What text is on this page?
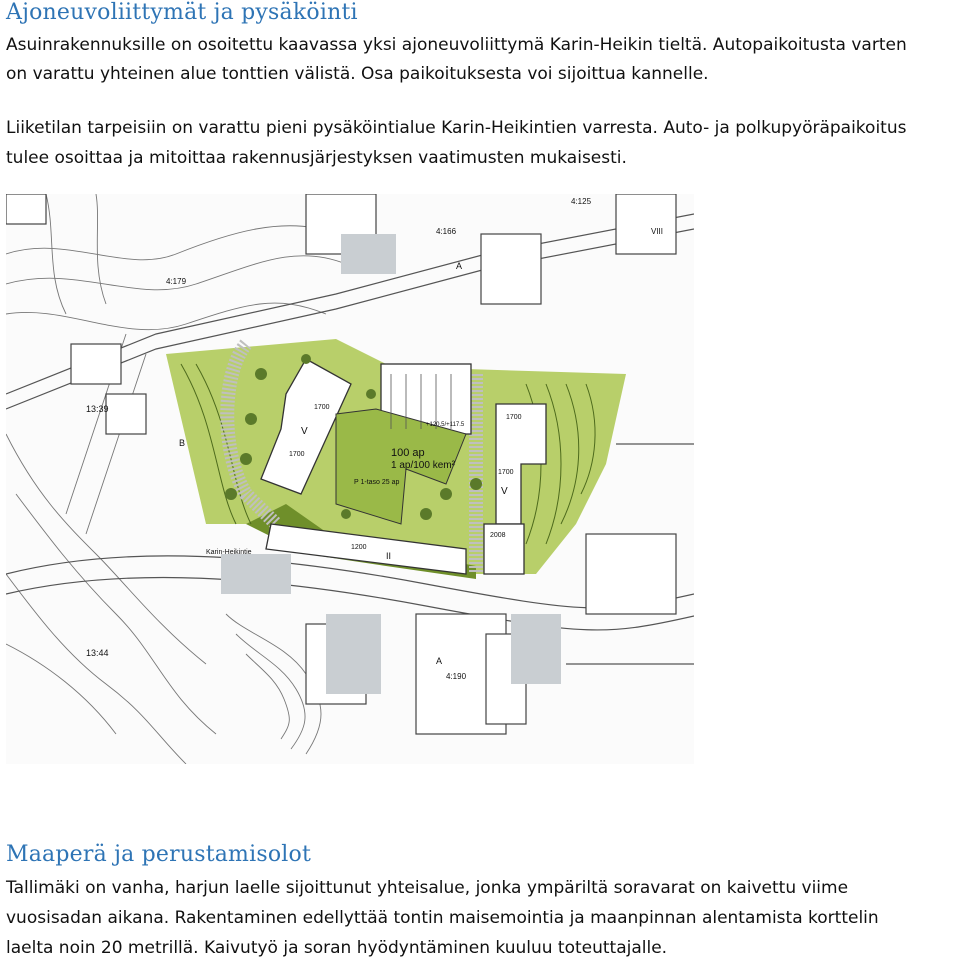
Ajoneuvoliittymät ja pysäköinti

Asuinrakennuksille on osoitettu kaavassa yksi ajoneuvoliittymä Karin-Heikin tieltä. Autopaikoitusta varten

on varattu yhteinen alue tonttien välistä. Osa paikoituksesta voi sijoittua kannelle.

Liiketilan tarpeisiin on varattu pieni pysäköintialue Karin-Heikintien varresta. Auto- ja polkupyöräpaikoitus

tulee osoittaa ja mitoittaa rakennusjärjestyksen vaatimusten mukaisesti.

100 ap
1 ap/100 kem²
P 1-taso 25 ap
+120.5/+117.5
1700
1700
1700
1700
1200
2008
V
V
II
VIII
13:39
13:44
4:125
4:166
4:190
4:179
Karin-Heikintie
A
A
B
Maaperä ja perustamisolot

Tallimäki on vanha, harjun laelle sijoittunut yhteisalue, jonka ympäriltä soravarat on kaivettu viime

vuosisadan aikana. Rakentaminen edellyttää tontin maisemointia ja maanpinnan alentamista korttelin

laelta noin 20 metrillä. Kaivutyö ja soran hyödyntäminen kuuluu toteuttajalle.
